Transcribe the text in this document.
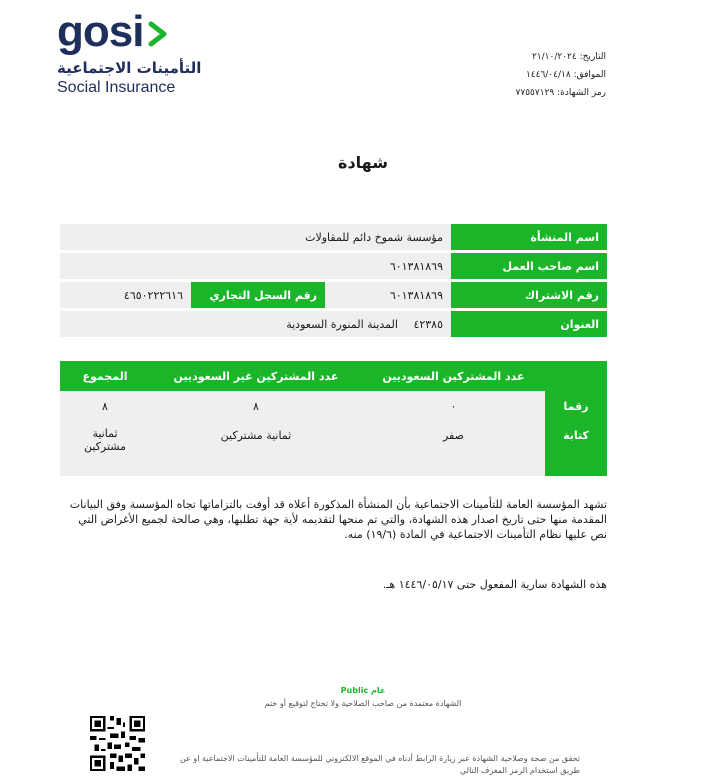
gosi
التأمينات الاجتماعية
Social Insurance
التاريخ: ٢١/١٠/٢٠٢٤
الموافق: ١٤٤٦/٠٤/١٨
رمز الشهادة: ٧٧٥٥٧١٢٩
شهادة
اسم المنشأة	مؤسسة شموخ دائم للمقاولات		
اسم صاحب العمل	٦٠١٣٨١٨٦٩		
رقم الاشتراك	٦٠١٣٨١٨٦٩	رقم السجل التجاري	٤٦٥٠٢٢٢٦١٦
العنوان	٤٢٣٨٥ المدينة المنورة السعودية		
	عدد المشتركين السعوديين	عدد المشتركين غير السعوديين	المجموع
رقما	٠	٨	٨
كتابة	صفر	ثمانية مشتركين	ثمانية مشتركين
تشهد المؤسسة العامة للتأمينات الاجتماعية بأن المنشأة المذكورة أعلاه قد أوفت بالتزاماتها تجاه المؤسسة وفق البيانات المقدمة منها حتى تاريخ اصدار هذه الشهادة، والتي تم منحها لتقديمه لأية جهة تطلبها، وهي صالحة لجميع الأغراض التي نص عليها نظام التأمينات الاجتماعية في المادة (١٩/٦) منه.
هذه الشهادة سارية المفعول حتى ١٤٤٦/٠٥/١٧ هـ.
Public عام
الشهادة معتمدة من صاحب الصلاحية ولا تحتاج لتوقيع أو ختم
تحقق من صحة وصلاحية الشهادة عبر زيارة الرابط أدناه في الموقع الالكتروني للمؤسسة العامة للتأمينات الاجتماعية او عن طريق استخدام الرمز المعرف التالي
